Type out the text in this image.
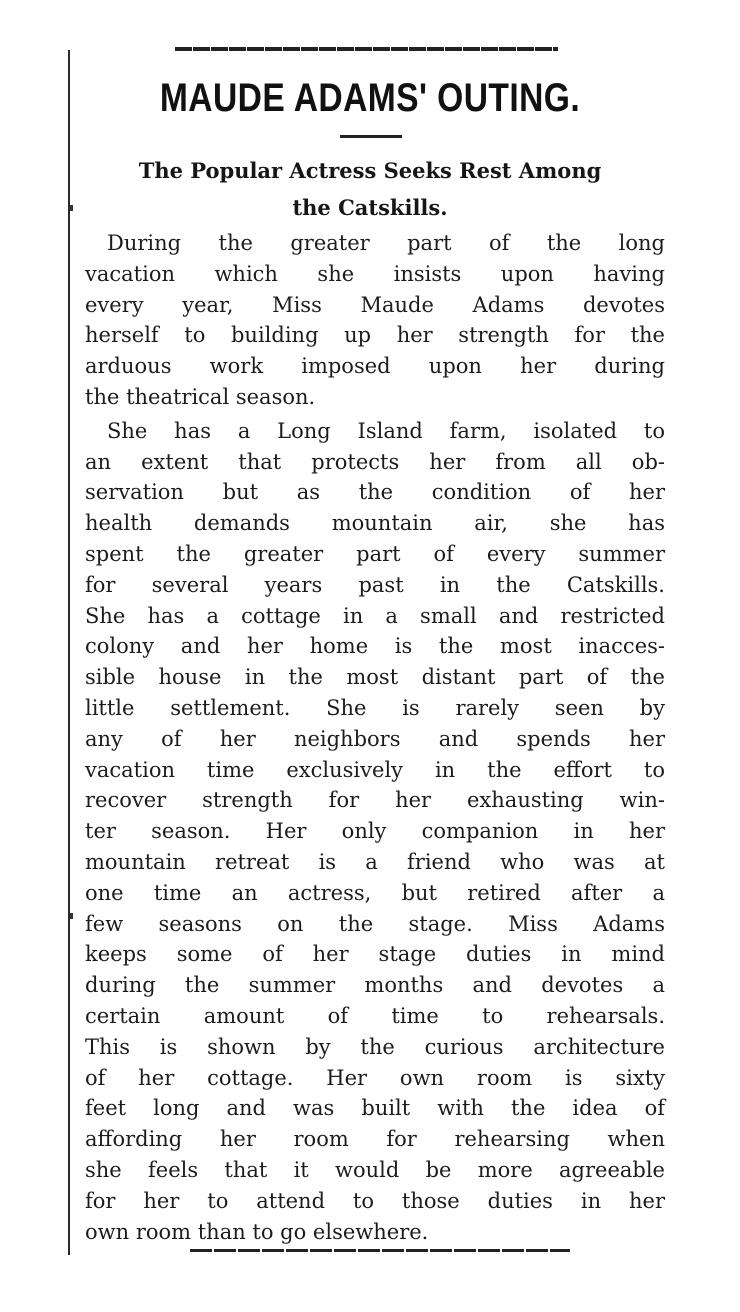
MAUDE ADAMS' OUTING.
The Popular Actress Seeks Rest Among
the Catskills.

During the greater part of the long
vacation which she insists upon having
every year, Miss Maude Adams devotes
herself to building up her strength for the
arduous work imposed upon her during
the theatrical season.

She has a Long Island farm, isolated to
an extent that protects her from all ob-
servation but as the condition of her
health demands mountain air, she has
spent the greater part of every summer
for several years past in the Catskills.
She has a cottage in a small and restricted
colony and her home is the most inacces-
sible house in the most distant part of the
little settlement. She is rarely seen by
any of her neighbors and spends her
vacation time exclusively in the effort to
recover strength for her exhausting win-
ter season. Her only companion in her
mountain retreat is a friend who was at
one time an actress, but retired after a
few seasons on the stage. Miss Adams
keeps some of her stage duties in mind
during the summer months and devotes a
certain amount of time to rehearsals.
This is shown by the curious architecture
of her cottage. Her own room is sixty
feet long and was built with the idea of
affording her room for rehearsing when
she feels that it would be more agreeable
for her to attend to those duties in her
own room than to go elsewhere.
